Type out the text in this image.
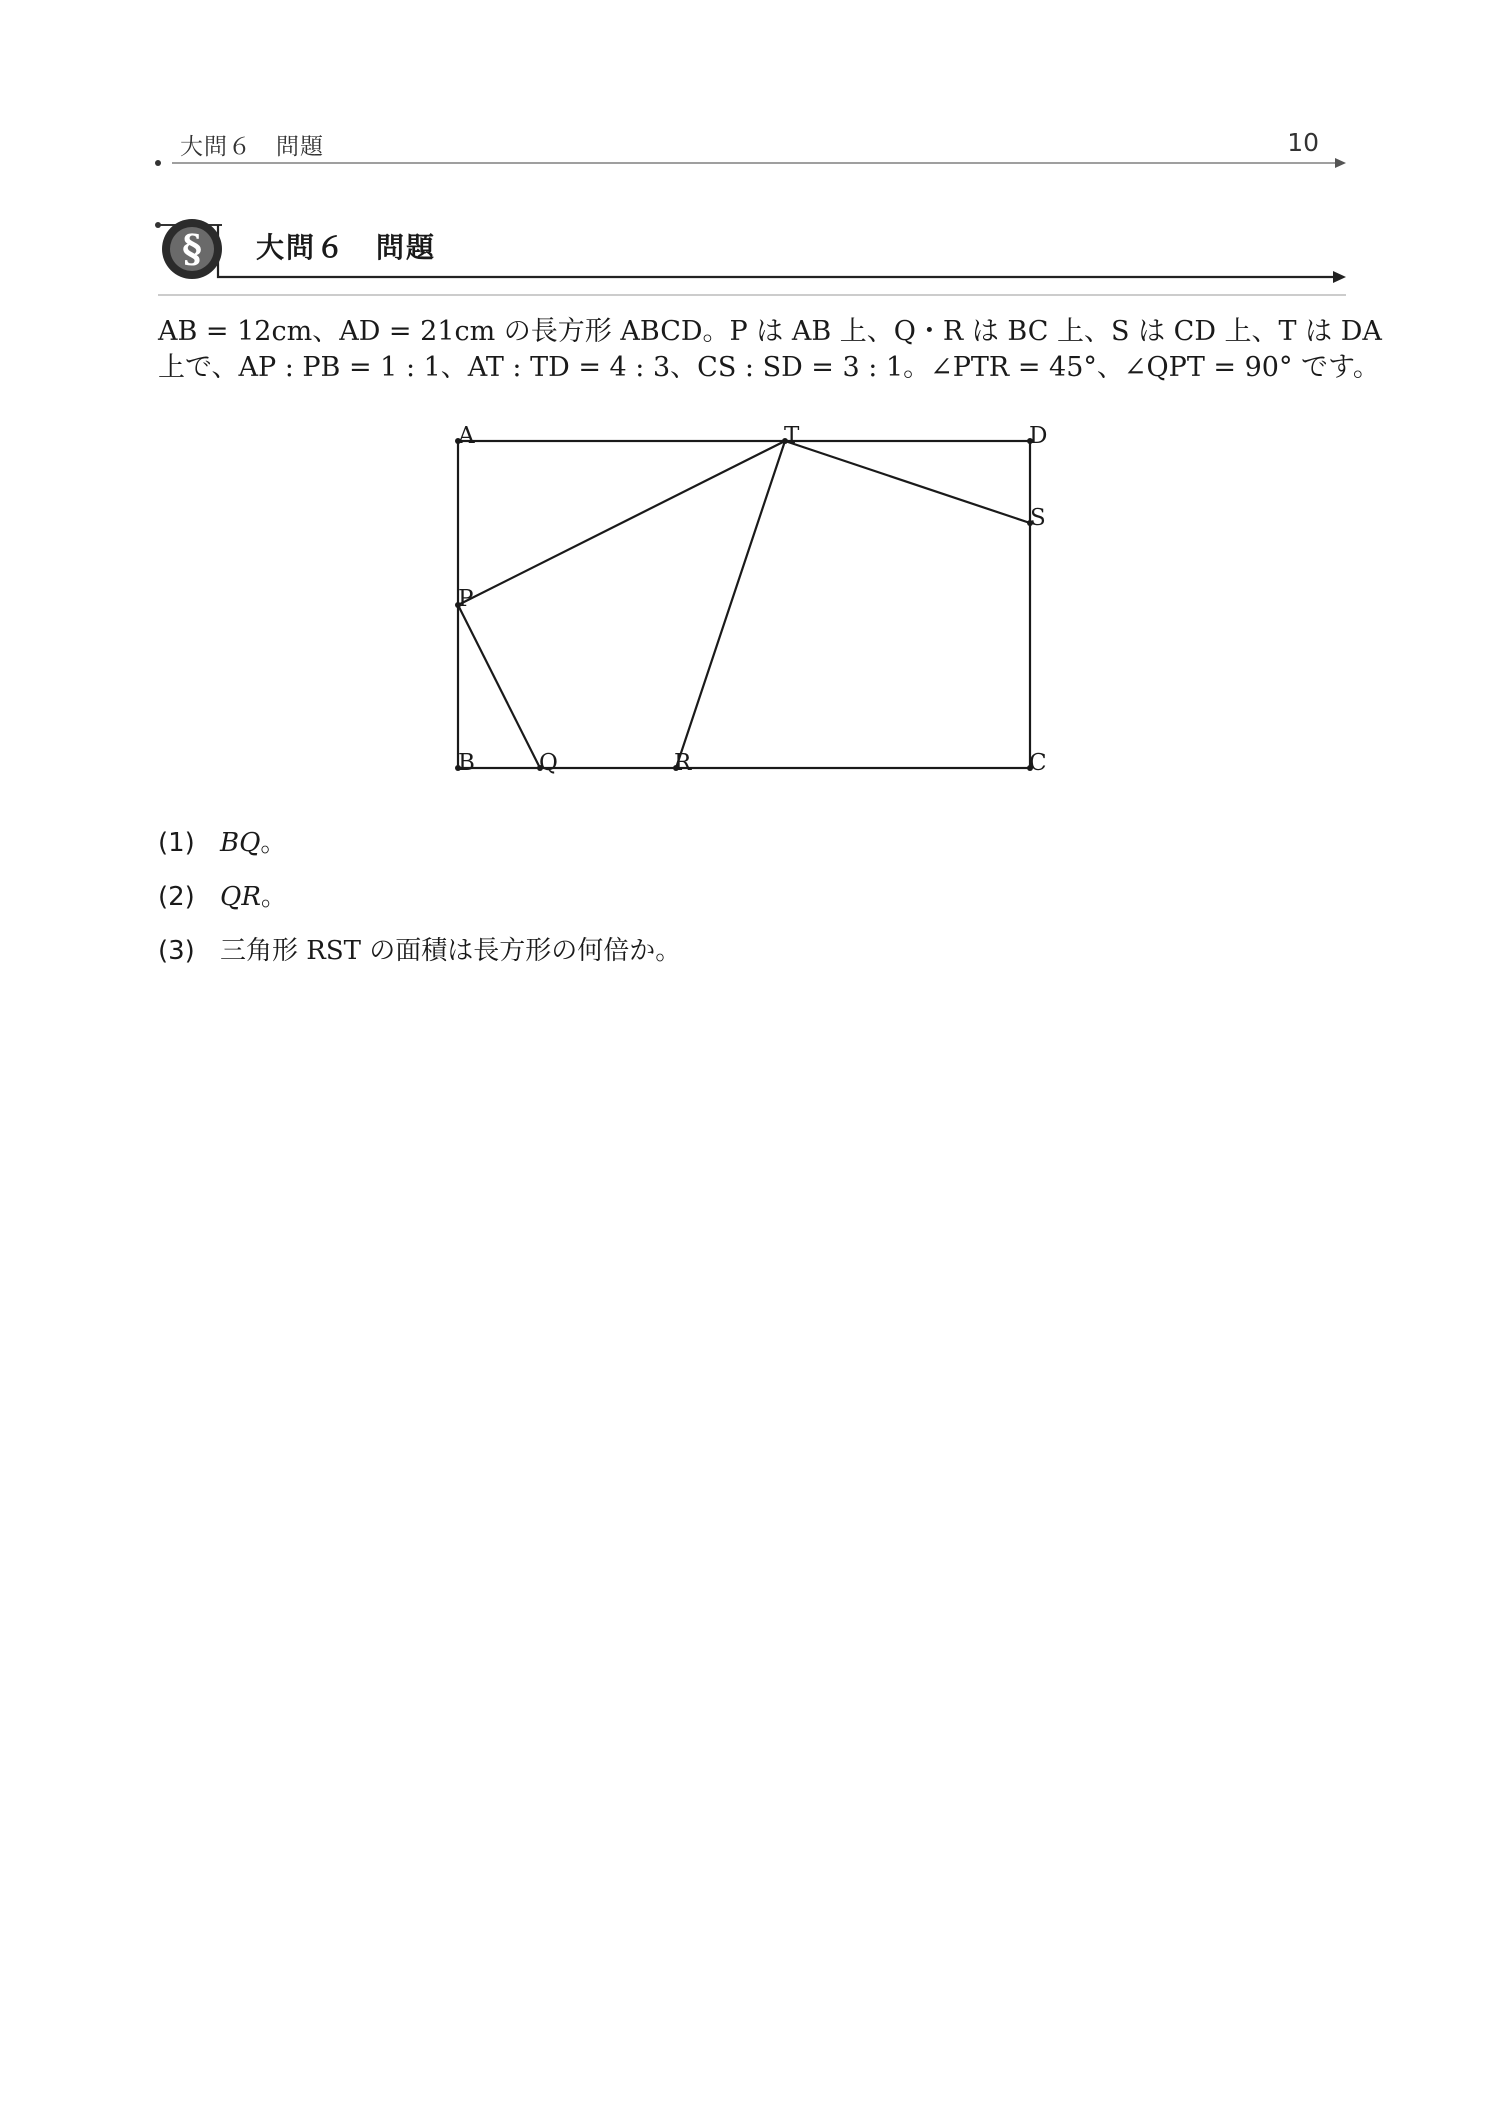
大問６　問題	10
§ 大問６　問題
AB = 12cm、AD = 21cm の長方形 ABCD。P は AB 上、Q・R は BC 上、S は CD 上、T は DA
上で、AP : PB = 1 : 1、AT : TD = 4 : 3、CS : SD = 3 : 1。∠PTR = 45°、∠QPT = 90° です。
A	T	D
S
P
B	Q	R	C
(1) BQ。
(2) QR。
(3) 三角形 RST の面積は長方形の何倍か。
